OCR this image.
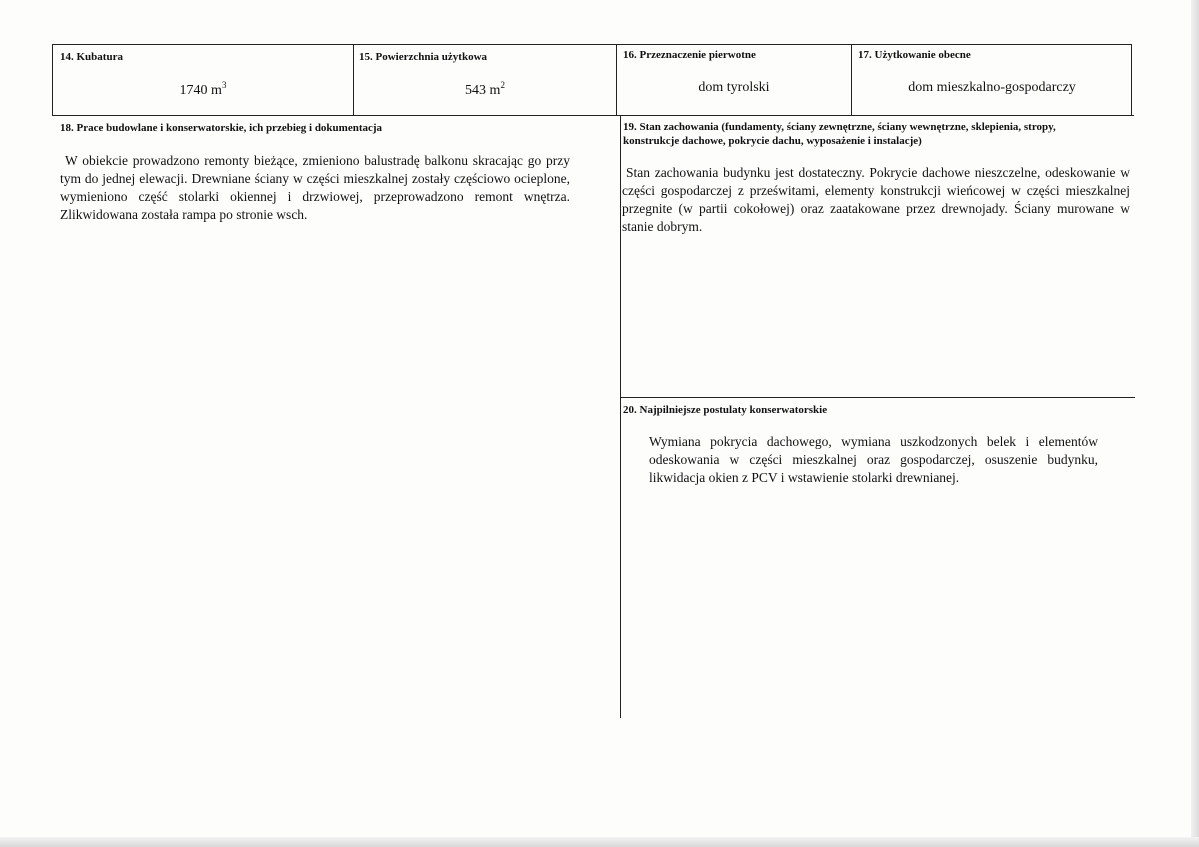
14. Kubatura
1740 $m^3$
15. Powierzchnia użytkowa
543 $m^2$
16. Przeznaczenie pierwotne
dom tyrolski
17. Użytkowanie obecne
dom mieszkalno-gospodarczy
18. Prace budowlane i konserwatorskie, ich przebieg i dokumentacja
W obiekcie prowadzono remonty bieżące, zmieniono balustradę balkonu skracając go przy tym do jednej elewacji. Drewniane ściany w części mieszkalnej zostały częściowo ocieplone, wymieniono część stolarki okiennej i drzwiowej, przeprowadzono remont wnętrza. Zlikwidowana została rampa po stronie wsch.
19. Stan zachowania (fundamenty, ściany zewnętrzne, ściany wewnętrzne, sklepienia, stropy, konstrukcje dachowe, pokrycie dachu, wyposażenie i instalacje)
Stan zachowania budynku jest dostateczny. Pokrycie dachowe nieszczelne, odeskowanie w części gospodarczej z prześwitami, elementy konstrukcji wieńcowej w części mieszkalnej przegnite (w partii cokołowej) oraz zaatakowane przez drewnojady. Ściany murowane w stanie dobrym.
20. Najpilniejsze postulaty konserwatorskie
Wymiana pokrycia dachowego, wymiana uszkodzonych belek i elementów odeskowania w części mieszkalnej oraz gospodarczej, osuszenie budynku, likwidacja okien z PCV i wstawienie stolarki drewnianej.
